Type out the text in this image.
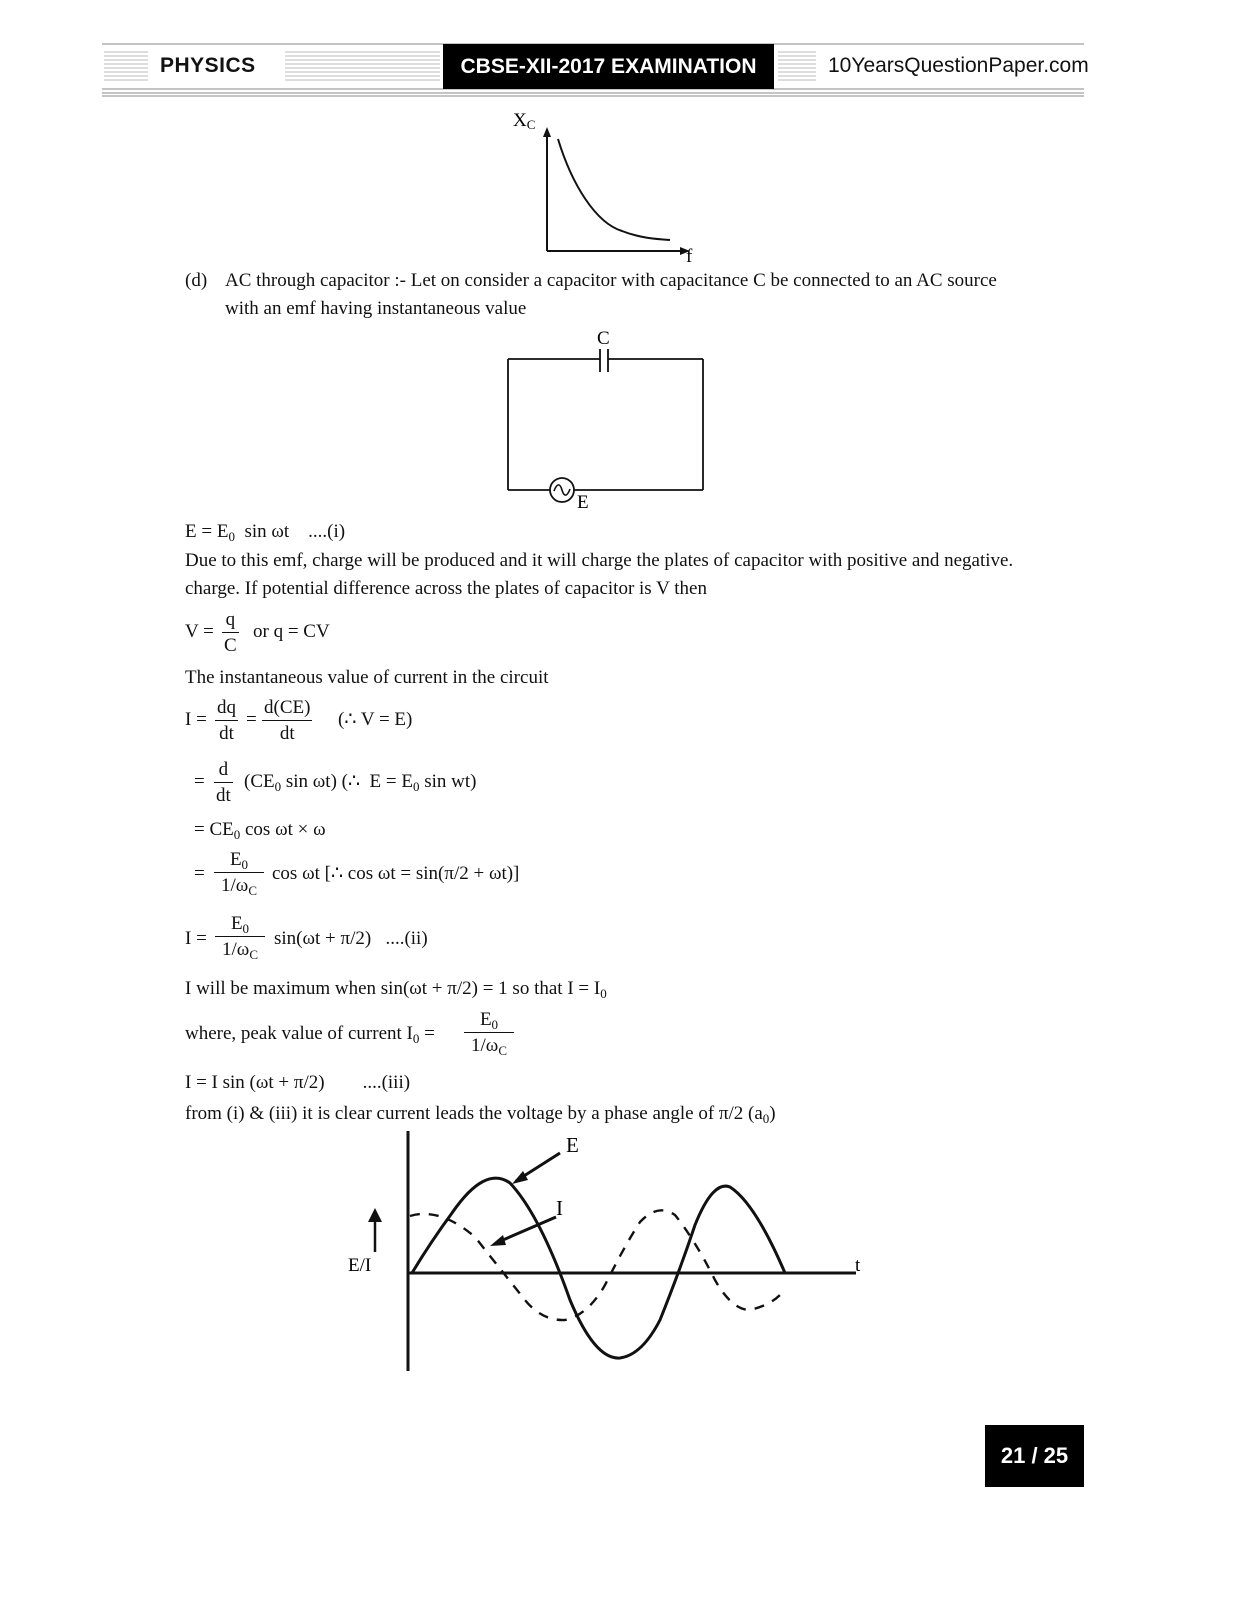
PHYSICS	CBSE-XII-2017 EXAMINATION	10YearsQuestionPaper.com
XC
f
(d) AC through capacitor :- Let on consider a capacitor with capacitance C be connected to an AC source
with an emf having instantaneous value
C
E
$E = E_0$  sin ωt    ....(i)
Due to this emf, charge will be produced and it will charge the plates of capacitor with positive and negative.
charge. If potential difference across the plates of capacitor is V then
$V = \frac{q}{C}$ or q = CV
The instantaneous value of current in the circuit
$I = \frac{dq}{dt} = \frac{d(CE)}{dt}$ (∴ V = E)
= $\frac{d}{dt} (CE_0$ sin ωt) (∴  $E = E_0$ sin wt)
= $CE_0$ cos ωt × ω
= $\frac{E_0}{1/\omega_C}$ cos ωt [∴ cos ωt = sin(π/2 + ωt)]
$I = \frac{E_0}{1/\omega_C} \sin(\omega t + \pi/2)$   ....(ii)
I will be maximum when sin(ωt + π/2) = 1 so that $I = I_0$
where, peak value of current $I_0 = \frac{E_0}{1/\omega_C}$
I = I sin (ωt + π/2)        ....(iii)
from (i) & (iii) it is clear current leads the voltage by a phase angle of π/2 $(a_0)$
E
I
E/I	t
21 / 25
